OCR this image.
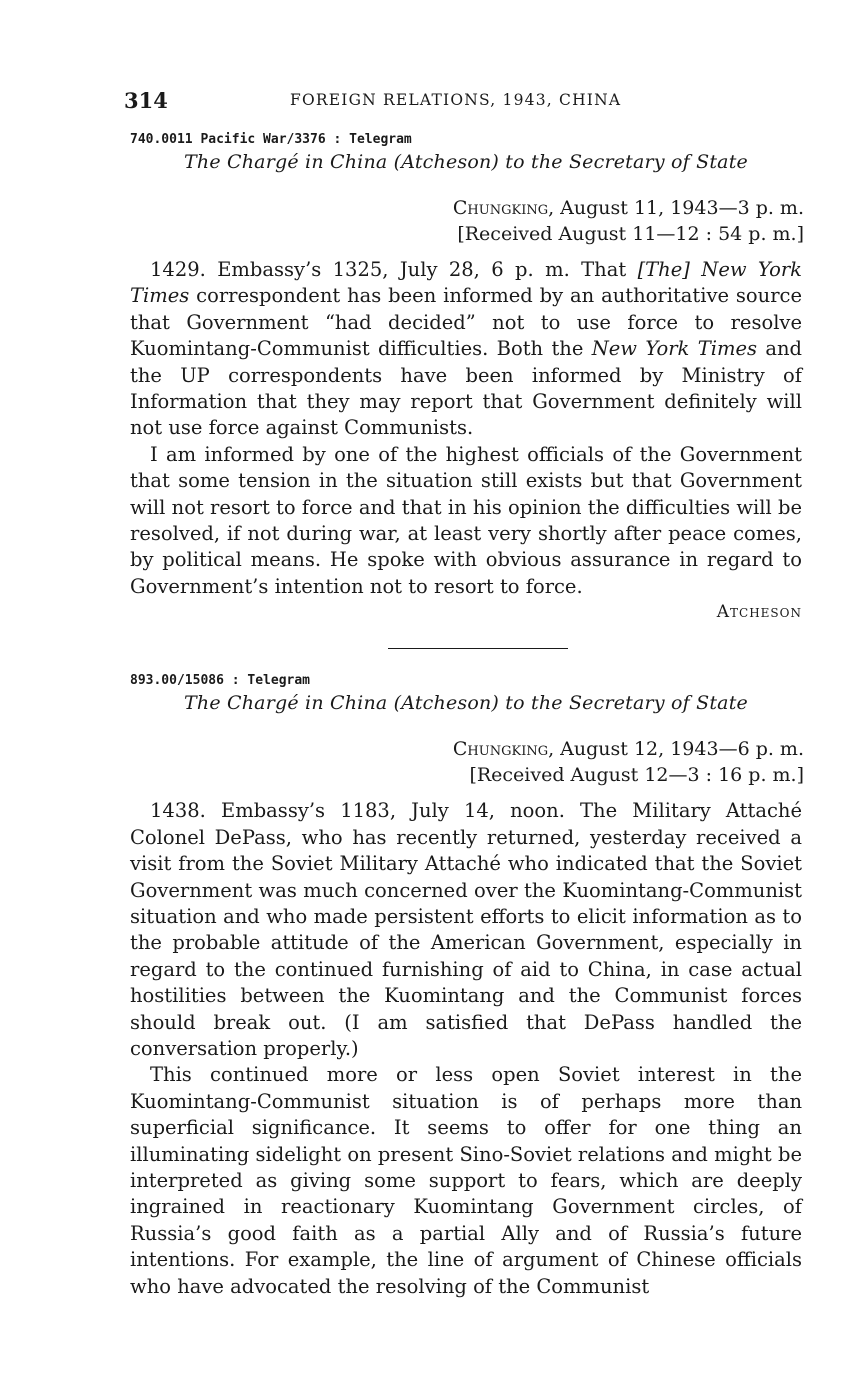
314	FOREIGN RELATIONS, 1943, CHINA

740.0011 Pacific War/3376 : Telegram

The Chargé in China (Atcheson) to the Secretary of State

Chungking, August 11, 1943—3 p. m.
[Received August 11—12 : 54 p. m.]

1429. Embassy’s 1325, July 28, 6 p. m. That [The] New York Times correspondent has been informed by an authoritative source that Government “had decided” not to use force to resolve Kuomintang-Communist difficulties. Both the New York Times and the UP correspondents have been informed by Ministry of Information that they may report that Government definitely will not use force against Communists.

I am informed by one of the highest officials of the Government that some tension in the situation still exists but that Government will not resort to force and that in his opinion the difficulties will be resolved, if not during war, at least very shortly after peace comes, by political means. He spoke with obvious assurance in regard to Government’s intention not to resort to force.

Atcheson

893.00/15086 : Telegram

The Chargé in China (Atcheson) to the Secretary of State

Chungking, August 12, 1943—6 p. m.
[Received August 12—3 : 16 p. m.]

1438. Embassy’s 1183, July 14, noon. The Military Attaché Colonel DePass, who has recently returned, yesterday received a visit from the Soviet Military Attaché who indicated that the Soviet Government was much concerned over the Kuomintang-Communist situation and who made persistent efforts to elicit information as to the probable attitude of the American Government, especially in regard to the continued furnishing of aid to China, in case actual hostilities between the Kuomintang and the Communist forces should break out. (I am satisfied that DePass handled the conversation properly.)

This continued more or less open Soviet interest in the Kuomintang-Communist situation is of perhaps more than superficial significance. It seems to offer for one thing an illuminating sidelight on present Sino-Soviet relations and might be interpreted as giving some support to fears, which are deeply ingrained in reactionary Kuomintang Government circles, of Russia’s good faith as a partial Ally and of Russia’s future intentions. For example, the line of argument of Chinese officials who have advocated the resolving of the Communist
